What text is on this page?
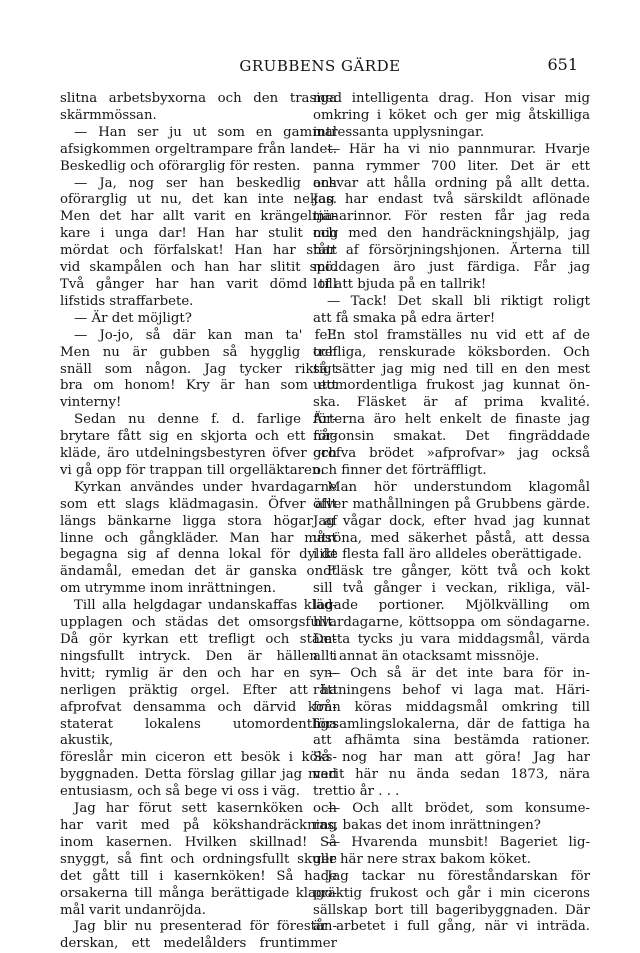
GRUBBENS GÄRDE	651

slitna arbetsbyxorna och den trasiga

skärmmössan.

— Han ser ju ut som en gammal

afsigkommen orgeltrampare från landet.

Beskedlig och oförarglig för resten.

— Ja, nog ser han beskedlig och

oförarglig ut nu, det kan inte nekas.

Men det har allt varit en krängelma-

kare i unga dar! Han har stulit och

mördat och förfalskat! Han har stått

vid skampålen och han har slitit spö.

Två gånger har han varit dömd till

lifstids straffarbete.

— Är det möjligt?

— Jo-jo, så där kan man ta' fel!

Men nu är gubben så hygglig och

snäll som någon. Jag tycker riktigt

bra om honom! Kry är han som ett

vinterny!

Sedan nu denne f. d. farlige för-

brytare fått sig en skjorta och ett för-

kläde, äro utdelningsbestyren öfver och

vi gå opp för trappan till orgelläktaren.

Kyrkan användes under hvardagarne

som ett slags klädmagasin. Öfver allt

längs bänkarne ligga stora högar af

linne och gångkläder. Man har måst

begagna sig af denna lokal för dylikt

ändamål, emedan det är ganska ondt

om utrymme inom inrättningen.

Till alla helgdagar undanskaffas kläd-

upplagen och städas det omsorgsfullt.

Då gör kyrkan ett trefligt och stäm-

ningsfullt intryck. Den är hällen i

hvitt; rymlig är den och har en syn-

nerligen präktig orgel. Efter att ha

afprofvat densamma och därvid kon-

staterat lokalens utomordentliga akustik,

föreslår min ciceron ett besök i köks-

byggnaden. Detta förslag gillar jag med

entusiasm, och så bege vi oss i väg.

Jag har förut sett kasernköken och

har varit med på kökshandräckning

inom kasernen. Hvilken skillnad! Så

snyggt, så fint och ordningsfullt skulle

det gått till i kasernköken! Så hade

orsakerna till många berättigade klago-

mål varit undanröjda.

Jag blir nu presenterad för förestån-

derskan, ett medelålders fruntimmer

med intelligenta drag. Hon visar mig

omkring i köket och ger mig åtskilliga

intressanta upplysningar.

— Här ha vi nio pannmurar. Hvarje

panna rymmer 700 liter. Det är ett

ansvar att hålla ordning på allt detta.

Jag har endast två särskildt aflönade

tjänarinnor. För resten får jag reda

mig med den handräckningshjälp, jag

har af försörjningshjonen. Ärterna till

middagen äro just färdiga. Får jag

lof att bjuda på en tallrik!

— Tack! Det skall bli riktigt roligt

att få smaka på edra ärter!

En stol framställes nu vid ett af de

trefliga, renskurade köksborden. Och

så sätter jag mig ned till en den mest

utomordentliga frukost jag kunnat ön-

ska. Fläsket är af prima kvalité.

Ärterna äro helt enkelt de finaste jag

någonsin smakat. Det fingräddade

grofva brödet »afprofvar» jag också

och finner det förträffligt.

Man hör understundom klagomål

öfver mathållningen på Grubbens gärde.

Jag vågar dock, efter hvad jag kunnat

utröna, med säkerhet påstå, att dessa

i de flesta fall äro alldeles oberättigade.

Fläsk tre gånger, kött två och kokt

sill två gånger i veckan, rikliga, väl-

lagade portioner. Mjölkvälling om

hvardagarne, köttsoppa om söndagarne.

Detta tycks ju vara middagsmål, värda

allt annat än otacksamt missnöje.

— Och så är det inte bara för in-

rättningens behof vi laga mat. Häri-

från köras middagsmål omkring till

församlingslokalerna, där de fattiga ha

att afhämta sina bestämda rationer.

Så nog har man att göra! Jag har

varit här nu ända sedan 1873, nära

trettio år . . .

— Och allt brödet, som konsume-

ras, bakas det inom inrättningen?

— Hvarenda munsbit! Bageriet lig-

ger här nere strax bakom köket.

Jag tackar nu föreståndarskan för

präktig frukost och går i min cicerons

sällskap bort till bageribyggnaden. Där

är arbetet i full gång, när vi inträda.
